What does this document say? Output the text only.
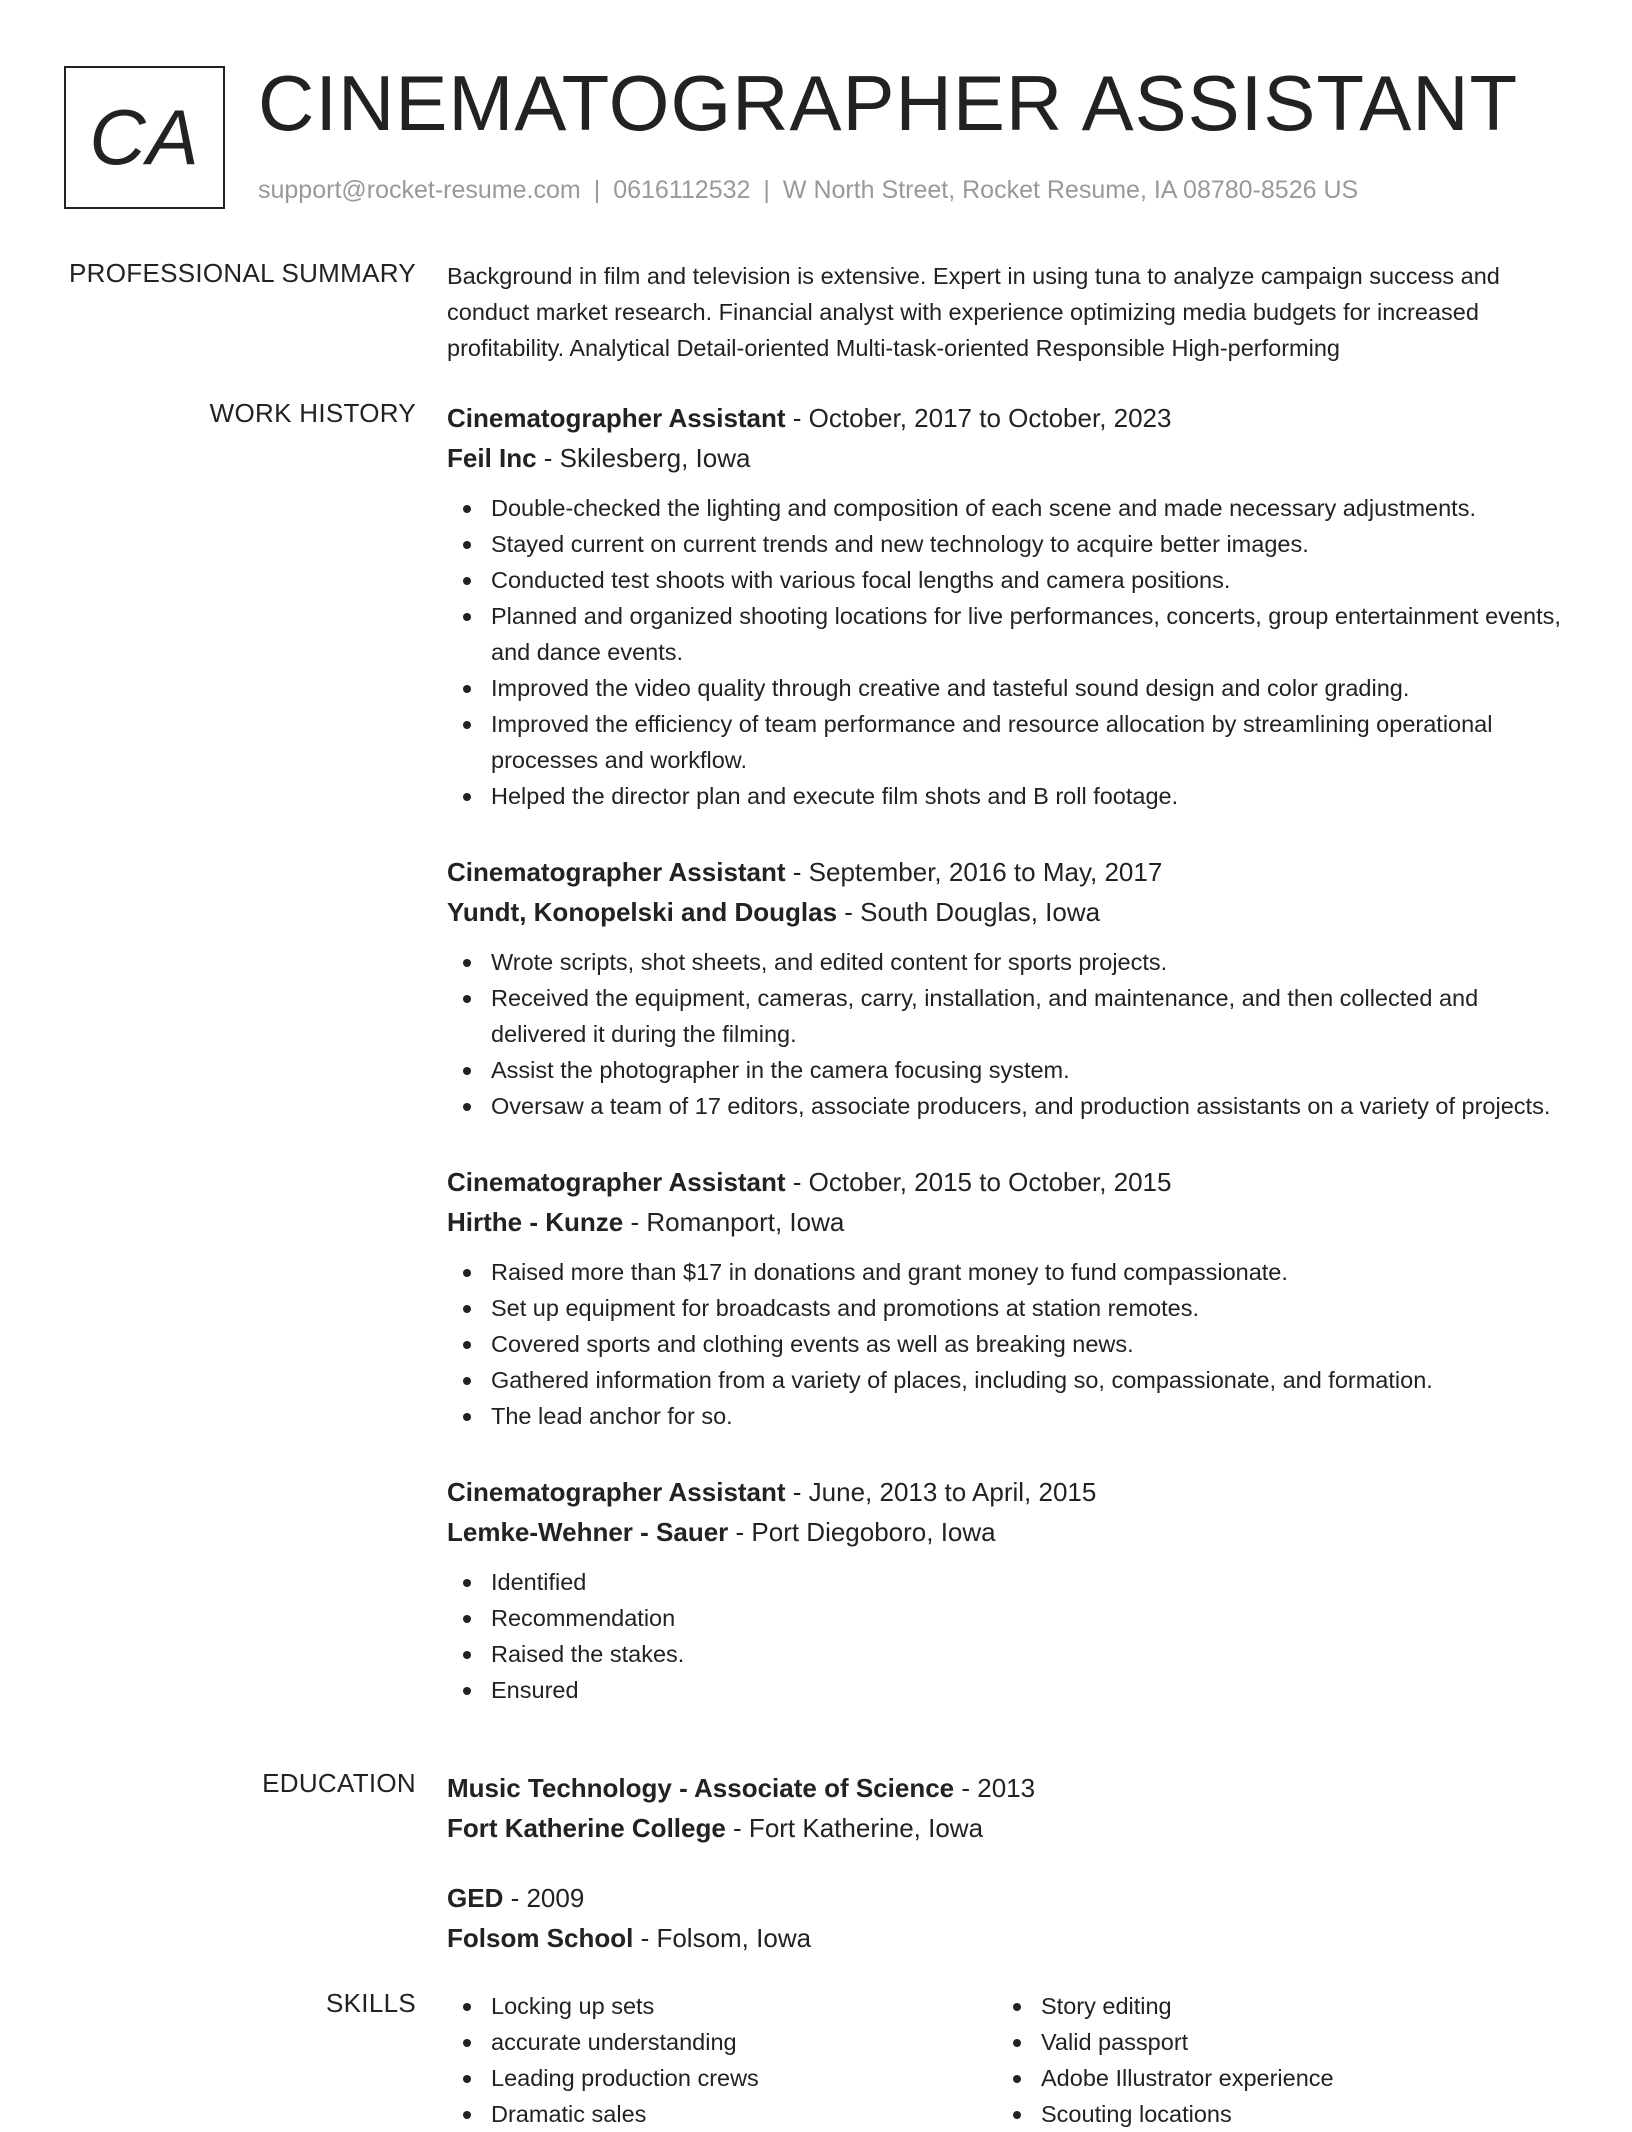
CA CINEMATOGRAPHER ASSISTANT
support@rocket-resume.com | 0616112532 | W North Street, Rocket Resume, IA 08780-8526 US
PROFESSIONAL SUMMARY Background in film and television is extensive. Expert in using tuna to analyze campaign success and conduct market research. Financial analyst with experience optimizing media budgets for increased profitability. Analytical Detail-oriented Multi-task-oriented Responsible High-performing

WORK HISTORY Cinematographer Assistant - October, 2017 to October, 2023
Feil Inc - Skilesberg, Iowa
Double-checked the lighting and composition of each scene and made necessary adjustments.
Stayed current on current trends and new technology to acquire better images.
Conducted test shoots with various focal lengths and camera positions.
Planned and organized shooting locations for live performances, concerts, group entertainment events, and dance events.
Improved the video quality through creative and tasteful sound design and color grading.
Improved the efficiency of team performance and resource allocation by streamlining operational processes and workflow.
Helped the director plan and execute film shots and B roll footage.
Cinematographer Assistant - September, 2016 to May, 2017
Yundt, Konopelski and Douglas - South Douglas, Iowa
Wrote scripts, shot sheets, and edited content for sports projects.
Received the equipment, cameras, carry, installation, and maintenance, and then collected and delivered it during the filming.
Assist the photographer in the camera focusing system.
Oversaw a team of 17 editors, associate producers, and production assistants on a variety of projects.
Cinematographer Assistant - October, 2015 to October, 2015
Hirthe - Kunze - Romanport, Iowa
Raised more than $17 in donations and grant money to fund compassionate.
Set up equipment for broadcasts and promotions at station remotes.
Covered sports and clothing events as well as breaking news.
Gathered information from a variety of places, including so, compassionate, and formation.
The lead anchor for so.
Cinematographer Assistant - June, 2013 to April, 2015
Lemke-Wehner - Sauer - Port Diegoboro, Iowa
Identified
Recommendation
Raised the stakes.
Ensured
EDUCATION Music Technology - Associate of Science - 2013
Fort Katherine College - Fort Katherine, Iowa
GED - 2009
Folsom School - Folsom, Iowa
SKILLS	Locking up sets
accurate understanding
Leading production crews
Dramatic sales
Story editing
Valid passport
Adobe Illustrator experience
Scouting locations
